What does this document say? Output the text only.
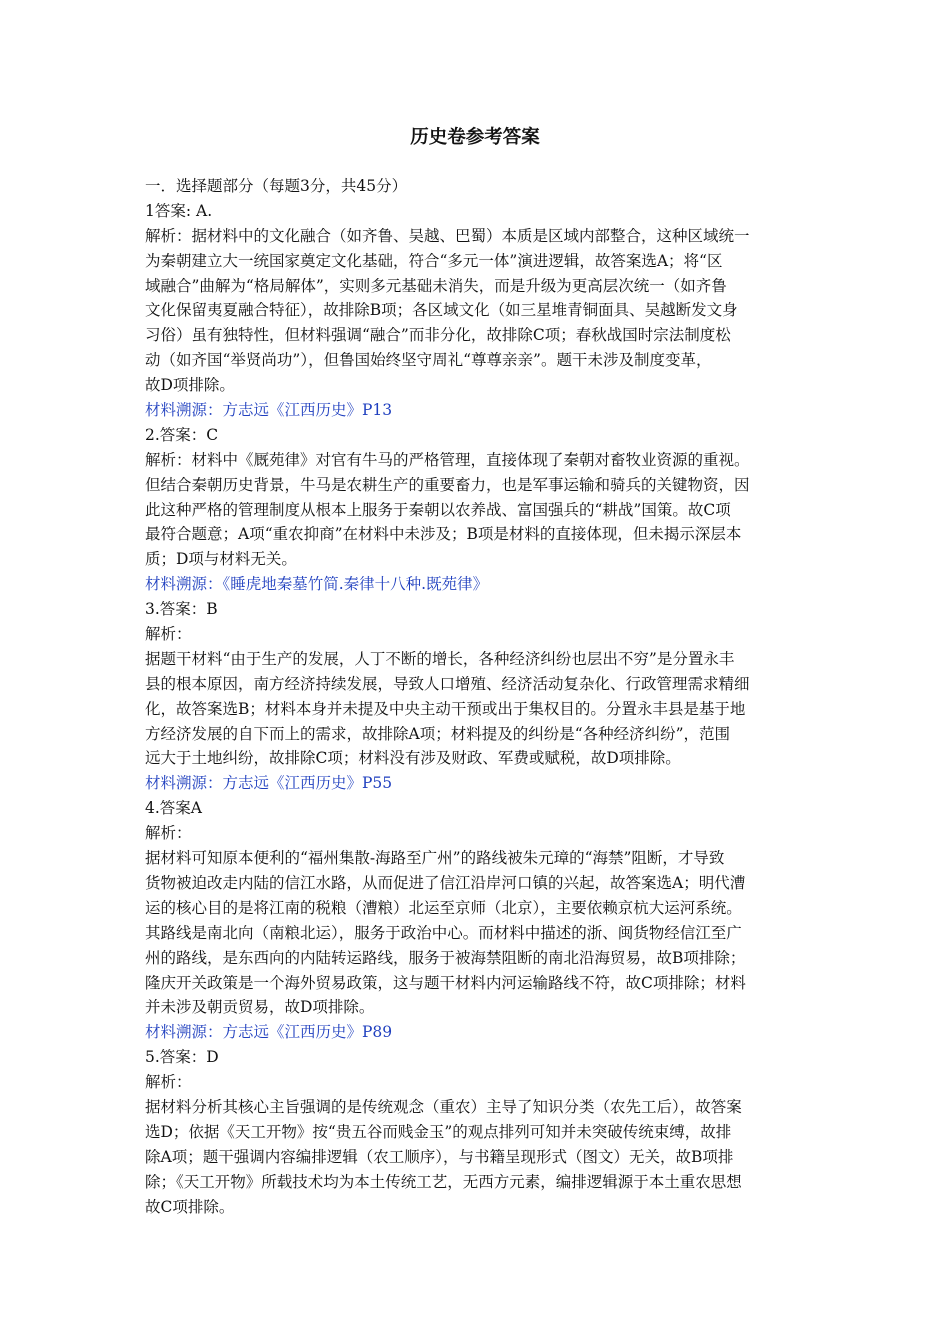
历史卷参考答案
一．选择题部分（每题3分，共45分）
1答案: A.
解析：据材料中的文化融合（如齐鲁、吴越、巴蜀）本质是区域内部整合，这种区域统一
为秦朝建立大一统国家奠定文化基础，符合“多元一体”演进逻辑，故答案选A；将“区
域融合”曲解为“格局解体”，实则多元基础未消失，而是升级为更高层次统一（如齐鲁
文化保留夷夏融合特征），故排除B项；各区域文化（如三星堆青铜面具、吴越断发文身
习俗）虽有独特性，但材料强调“融合”而非分化，故排除C项；春秋战国时宗法制度松
动（如齐国“举贤尚功”），但鲁国始终坚守周礼“尊尊亲亲”。题干未涉及制度变革，
故D项排除。
材料溯源：方志远《江西历史》P13
2.答案：C
解析：材料中《厩苑律》对官有牛马的严格管理，直接体现了秦朝对畜牧业资源的重视。
但结合秦朝历史背景，牛马是农耕生产的重要畜力，也是军事运输和骑兵的关键物资，因
此这种严格的管理制度从根本上服务于秦朝以农养战、富国强兵的“耕战”国策。故C项
最符合题意；A项“重农抑商”在材料中未涉及；B项是材料的直接体现，但未揭示深层本
质；D项与材料无关。
材料溯源：《睡虎地秦墓竹简.秦律十八种.既苑律》
3.答案：B
解析：
据题干材料“由于生产的发展，人丁不断的增长，各种经济纠纷也层出不穷”是分置永丰
县的根本原因，南方经济持续发展，导致人口增殖、经济活动复杂化、行政管理需求精细
化，故答案选B；材料本身并未提及中央主动干预或出于集权目的。分置永丰县是基于地
方经济发展的自下而上的需求，故排除A项；材料提及的纠纷是“各种经济纠纷”，范围
远大于土地纠纷，故排除C项；材料没有涉及财政、军费或赋税，故D项排除。
材料溯源：方志远《江西历史》P55
4.答案A
解析：
据材料可知原本便利的“福州集散-海路至广州”的路线被朱元璋的“海禁”阻断，才导致
货物被迫改走内陆的信江水路，从而促进了信江沿岸河口镇的兴起，故答案选A；明代漕
运的核心目的是将江南的税粮（漕粮）北运至京师（北京），主要依赖京杭大运河系统。
其路线是南北向（南粮北运），服务于政治中心。而材料中描述的浙、闽货物经信江至广
州的路线，是东西向的内陆转运路线，服务于被海禁阻断的南北沿海贸易，故B项排除；
隆庆开关政策是一个海外贸易政策，这与题干材料内河运输路线不符，故C项排除；材料
并未涉及朝贡贸易，故D项排除。
材料溯源：方志远《江西历史》P89
5.答案：D
解析：
据材料分析其核心主旨强调的是传统观念（重农）主导了知识分类（农先工后），故答案
选D；依据《天工开物》按“贵五谷而贱金玉”的观点排列可知并未突破传统束缚，故排
除A项；题干强调内容编排逻辑（农工顺序），与书籍呈现形式（图文）无关，故B项排
除；《天工开物》所载技术均为本土传统工艺，无西方元素，编排逻辑源于本土重农思想
故C项排除。
